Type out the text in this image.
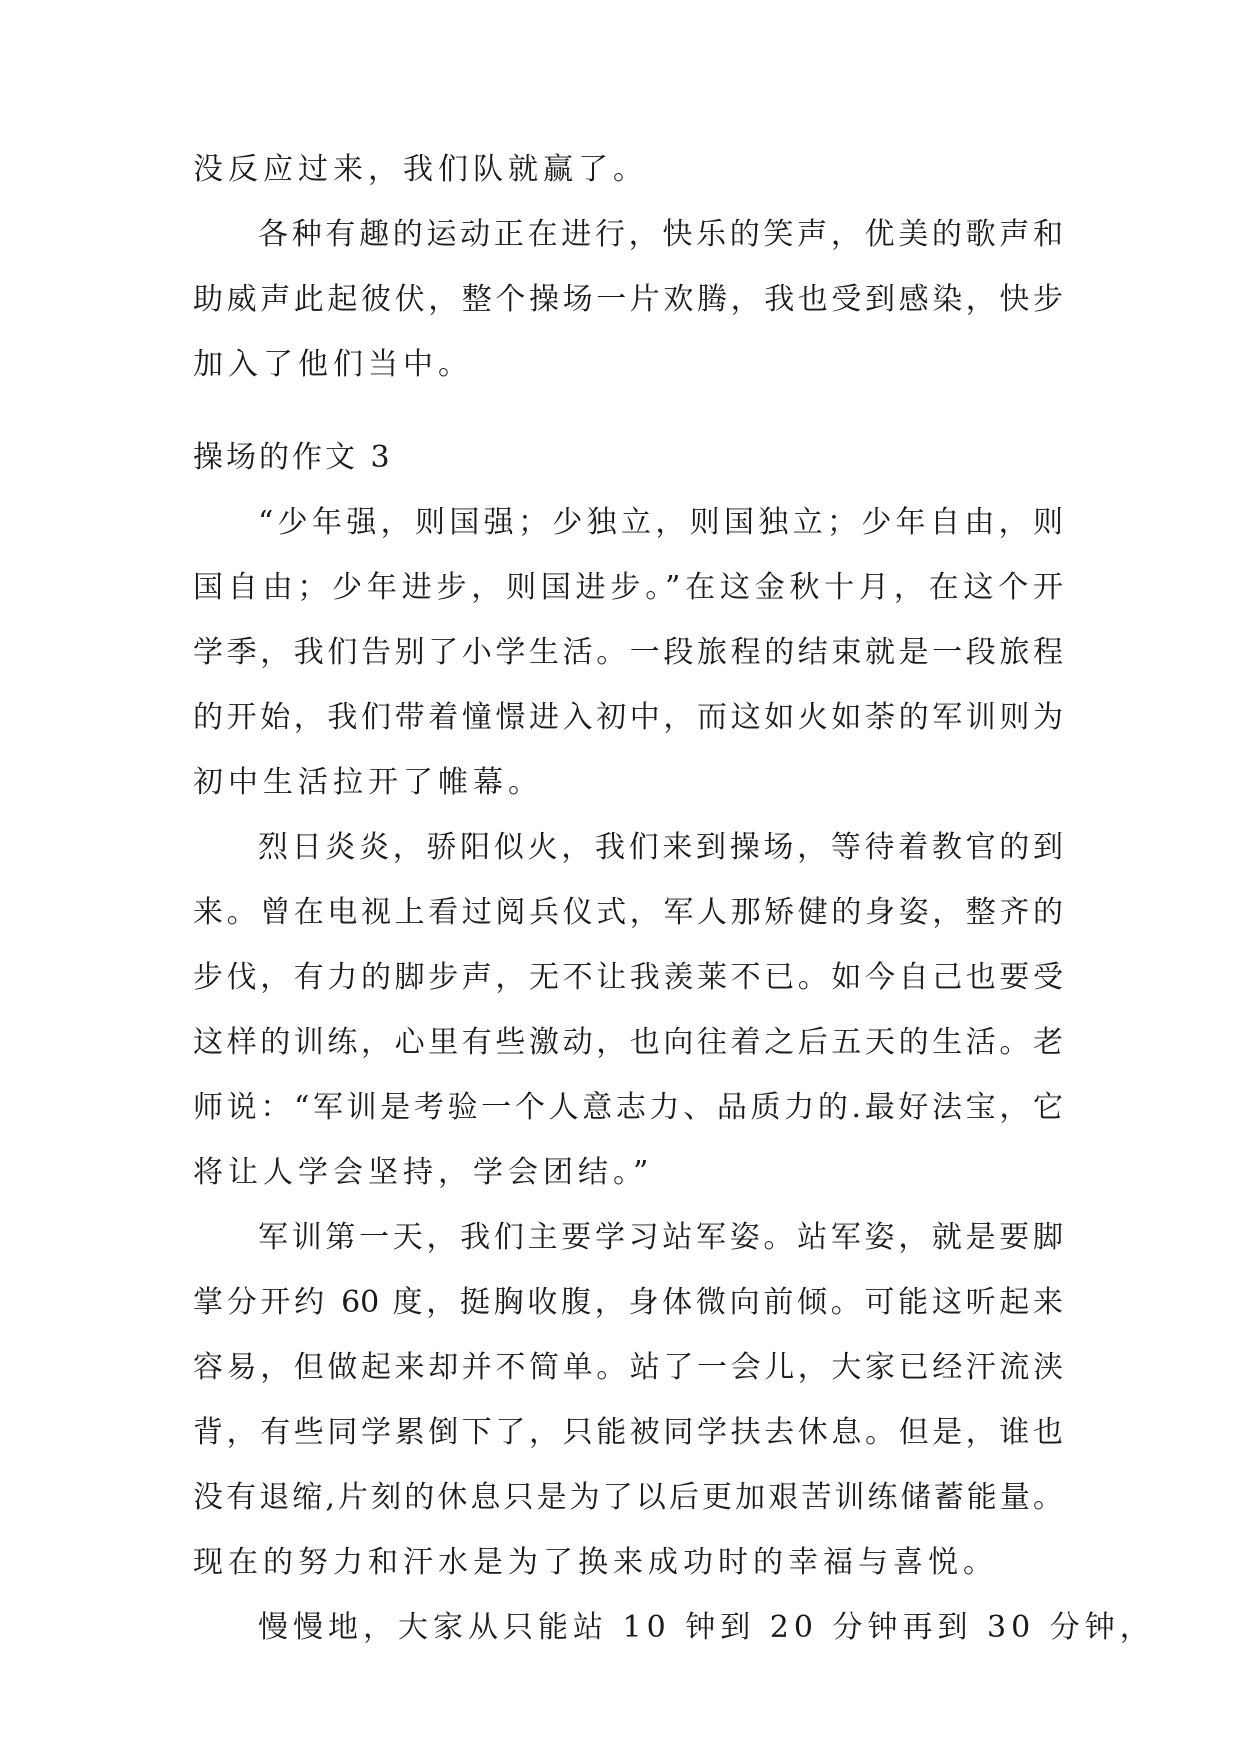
没反应过来，我们队就赢了。
各种有趣的运动正在进行，快乐的笑声，优美的歌声和
助威声此起彼伏，整个操场一片欢腾，我也受到感染，快步
加入了他们当中。
操场的作文 3
“少年强，则国强；少独立，则国独立；少年自由，则
国自由；少年进步，则国进步。”在这金秋十月，在这个开
学季，我们告别了小学生活。一段旅程的结束就是一段旅程
的开始，我们带着憧憬进入初中，而这如火如荼的军训则为
初中生活拉开了帷幕。
烈日炎炎，骄阳似火，我们来到操场，等待着教官的到
来。曾在电视上看过阅兵仪式，军人那矫健的身姿，整齐的
步伐，有力的脚步声，无不让我羡莱不已。如今自己也要受
这样的训练，心里有些激动，也向往着之后五天的生活。老
师说：“军训是考验一个人意志力、品质力的.最好法宝，它
将让人学会坚持，学会团结。”
军训第一天，我们主要学习站军姿。站军姿，就是要脚
掌分开约 60 度，挺胸收腹，身体微向前倾。可能这听起来
容易，但做起来却并不简单。站了一会儿，大家已经汗流浃
背，有些同学累倒下了，只能被同学扶去休息。但是，谁也
没有退缩,片刻的休息只是为了以后更加艰苦训练储蓄能量。
现在的努力和汗水是为了换来成功时的幸福与喜悦。
慢慢地，大家从只能站 10 钟到 20 分钟再到 30 分钟，
